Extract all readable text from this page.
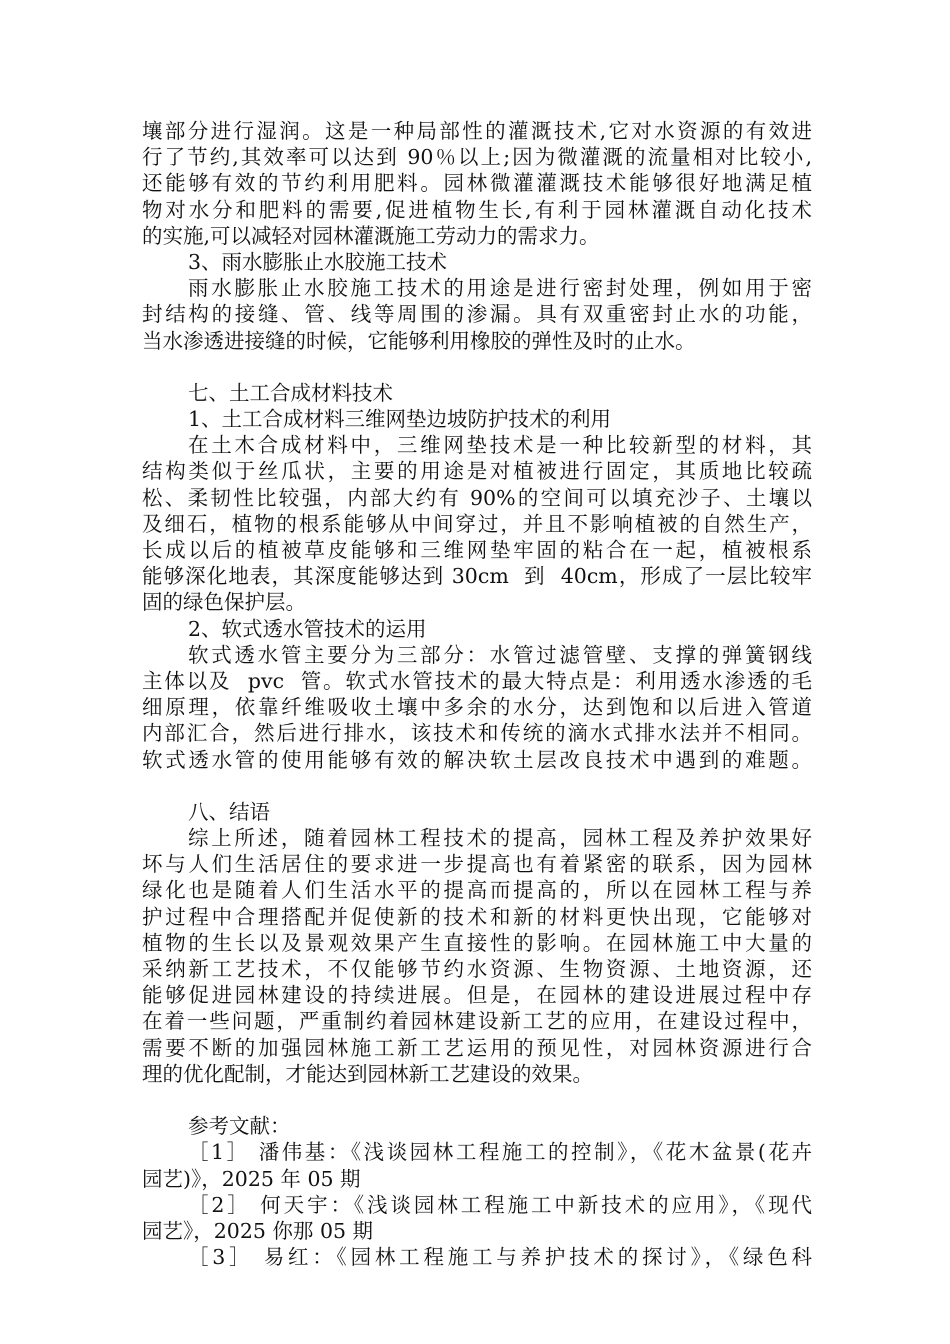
壤部分进行湿润。这是一种局部性的灌溉技术,它对水资源的有效进
行了节约,其效率可以达到 90％以上;因为微灌溉的流量相对比较小,
还能够有效的节约利用肥料。园林微灌灌溉技术能够很好地满足植
物对水分和肥料的需要,促进植物生长,有利于园林灌溉自动化技术
的实施,可以减轻对园林灌溉施工劳动力的需求力。
3、雨水膨胀止水胶施工技术
雨水膨胀止水胶施工技术的用途是进行密封处理，例如用于密
封结构的接缝、管、线等周围的渗漏。具有双重密封止水的功能，
当水渗透进接缝的时候，它能够利用橡胶的弹性及时的止水。
七、土工合成材料技术
1、土工合成材料三维网垫边坡防护技术的利用
在土木合成材料中，三维网垫技术是一种比较新型的材料，其
结构类似于丝瓜状，主要的用途是对植被进行固定，其质地比较疏
松、柔韧性比较强，内部大约有 90%的空间可以填充沙子、土壤以
及细石，植物的根系能够从中间穿过，并且不影响植被的自然生产，
长成以后的植被草皮能够和三维网垫牢固的粘合在一起，植被根系
能够深化地表，其深度能够达到 30cm  到  40cm，形成了一层比较牢
固的绿色保护层。
2、软式透水管技术的运用
软式透水管主要分为三部分：水管过滤管壁、支撑的弹簧钢线
主体以及  pvc  管。软式水管技术的最大特点是：利用透水渗透的毛
细原理，依靠纤维吸收土壤中多余的水分，达到饱和以后进入管道
内部汇合，然后进行排水，该技术和传统的滴水式排水法并不相同。
软式透水管的使用能够有效的解决软土层改良技术中遇到的难题。
八、结语
综上所述，随着园林工程技术的提高，园林工程及养护效果好
坏与人们生活居住的要求进一步提高也有着紧密的联系，因为园林
绿化也是随着人们生活水平的提高而提高的，所以在园林工程与养
护过程中合理搭配并促使新的技术和新的材料更快出现，它能够对
植物的生长以及景观效果产生直接性的影响。在园林施工中大量的
采纳新工艺技术，不仅能够节约水资源、生物资源、土地资源，还
能够促进园林建设的持续进展。但是，在园林的建设进展过程中存
在着一些问题，严重制约着园林建设新工艺的应用，在建设过程中，
需要不断的加强园林施工新工艺运用的预见性，对园林资源进行合
理的优化配制，才能达到园林新工艺建设的效果。
参考文献：
［1］ 潘伟基：《浅谈园林工程施工的控制》，《花木盆景(花卉
园艺)》，2025 年 05 期
［2］ 何天宇：《浅谈园林工程施工中新技术的应用》，《现代
园艺》，2025 你那 05 期
［3］ 易红：《园林工程施工与养护技术的探讨》，《绿色科
